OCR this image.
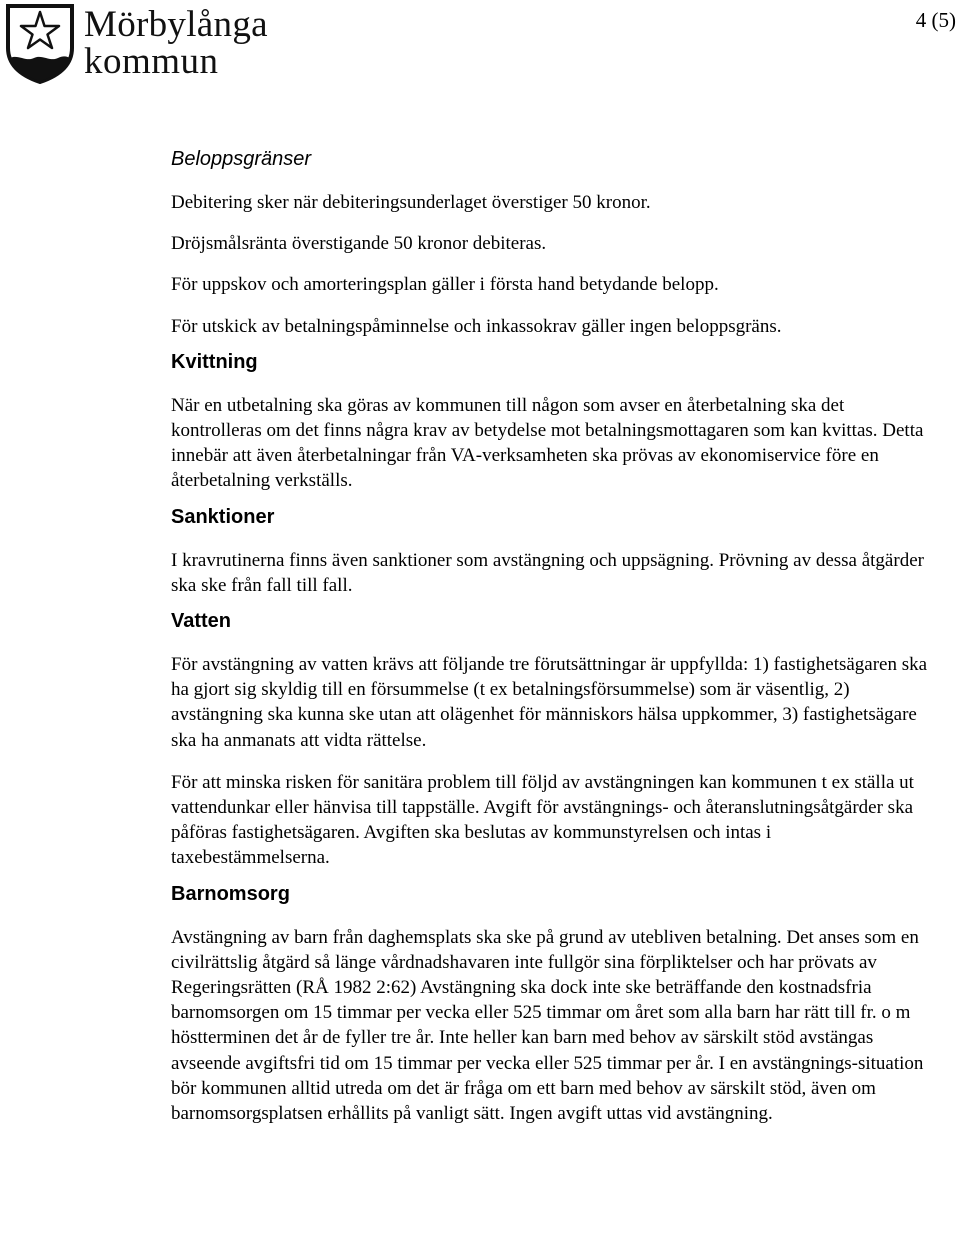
Mörbylånga
kommun
4 (5)
Beloppsgränser

Debitering sker när debiteringsunderlaget överstiger 50 kronor.

Dröjsmålsränta överstigande 50 kronor debiteras.

För uppskov och amorteringsplan gäller i första hand betydande belopp.

För utskick av betalningspåminnelse och inkassokrav gäller ingen beloppsgräns.

Kvittning

När en utbetalning ska göras av kommunen till någon som avser en återbetalning ska det kontrolleras om det finns några krav av betydelse mot betalningsmottagaren som kan kvittas. Detta innebär att även återbetalningar från VA-verksamheten ska prövas av ekonomiservice före en återbetalning verkställs.

Sanktioner

I kravrutinerna finns även sanktioner som avstängning och uppsägning. Prövning av dessa åtgärder ska ske från fall till fall.

Vatten

För avstängning av vatten krävs att följande tre förutsättningar är uppfyllda: 1) fastighetsägaren ska ha gjort sig skyldig till en försummelse (t ex betalningsförsummelse) som är väsentlig, 2) avstängning ska kunna ske utan att olägenhet för människors hälsa uppkommer, 3) fastighetsägare ska ha anmanats att vidta rättelse.

För att minska risken för sanitära problem till följd av avstängningen kan kommunen t ex ställa ut vattendunkar eller hänvisa till tappställe. Avgift för avstängnings- och återanslutningsåtgärder ska påföras fastighetsägaren. Avgiften ska beslutas av kommunstyrelsen och intas i taxebestämmelserna.

Barnomsorg

Avstängning av barn från daghemsplats ska ske på grund av utebliven betalning. Det anses som en civilrättslig åtgärd så länge vårdnadshavaren inte fullgör sina förpliktelser och har prövats av Regeringsrätten (RÅ 1982 2:62) Avstängning ska dock inte ske beträffande den kostnadsfria barnomsorgen om 15 timmar per vecka eller 525 timmar om året som alla barn har rätt till fr. o m höstterminen det år de fyller tre år. Inte heller kan barn med behov av särskilt stöd avstängas avseende avgiftsfri tid om 15 timmar per vecka eller 525 timmar per år. I en avstängnings-situation bör kommunen alltid utreda om det är fråga om ett barn med behov av särskilt stöd, även om barnomsorgsplatsen erhållits på vanligt sätt. Ingen avgift uttas vid avstängning.
